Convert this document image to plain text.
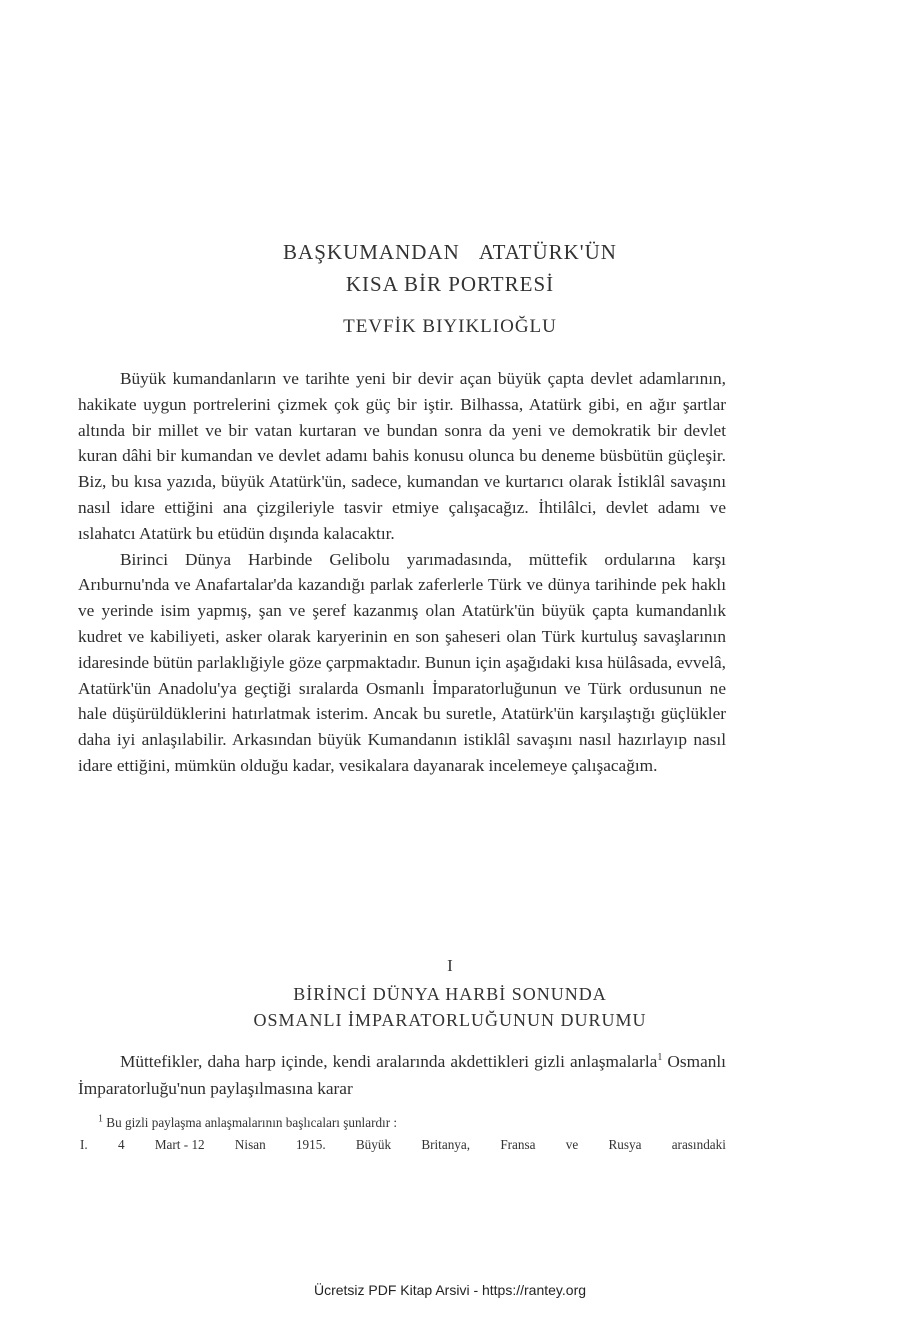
BAŞKUMANDAN ATATÜRK'ÜN
KISA BİR PORTRESİ
TEVFİK BIYIKLIOĞLU

Büyük kumandanların ve tarihte yeni bir devir açan büyük çapta devlet adamlarının, hakikate uygun portrelerini çizmek çok güç bir iştir. Bilhassa, Atatürk gibi, en ağır şartlar altında bir millet ve bir vatan kurtaran ve bundan sonra da yeni ve demokratik bir devlet kuran dâhi bir kumandan ve devlet adamı bahis konusu olunca bu deneme büsbütün güçleşir. Biz, bu kısa yazıda, büyük Atatürk'ün, sadece, kumandan ve kurtarıcı olarak İstiklâl savaşını nasıl idare ettiğini ana çizgileriyle tasvir etmiye çalışacağız. İhtilâlci, devlet adamı ve ıslahatcı Atatürk bu etüdün dışında kalacaktır.

Birinci Dünya Harbinde Gelibolu yarımadasında, müttefik ordularına karşı Arıburnu'nda ve Anafartalar'da kazandığı parlak zaferlerle Türk ve dünya tarihinde pek haklı ve yerinde isim yapmış, şan ve şeref kazanmış olan Atatürk'ün büyük çapta kumandanlık kudret ve kabiliyeti, asker olarak karyerinin en son şaheseri olan Türk kurtuluş savaşlarının idaresinde bütün parlaklığiyle göze çarpmaktadır. Bunun için aşağıdaki kısa hülâsada, evvelâ, Atatürk'ün Anadolu'ya geçtiği sıralarda Osmanlı İmparatorluğunun ve Türk ordusunun ne hale düşürüldüklerini hatırlatmak isterim. Ancak bu suretle, Atatürk'ün karşılaştığı güçlükler daha iyi anlaşılabilir. Arkasından büyük Kumandanın istiklâl savaşını nasıl hazırlayıp nasıl idare ettiğini, mümkün olduğu kadar, vesikalara dayanarak incelemeye çalışacağım.

I
BİRİNCİ DÜNYA HARBİ SONUNDA
OSMANLI İMPARATORLUĞUNUN DURUMU

Müttefikler, daha harp içinde, kendi aralarında akdettikleri gizli anlaşmalarla$^1$ Osmanlı İmparatorluğu'nun paylaşılmasına karar

$^1$ Bu gizli paylaşma anlaşmalarının başlıcaları şunlardır :
I. 4 Mart - 12 Nisan 1915. Büyük Britanya, Fransa ve Rusya arasındaki
Ücretsiz PDF Kitap Arsivi - https://rantey.org
